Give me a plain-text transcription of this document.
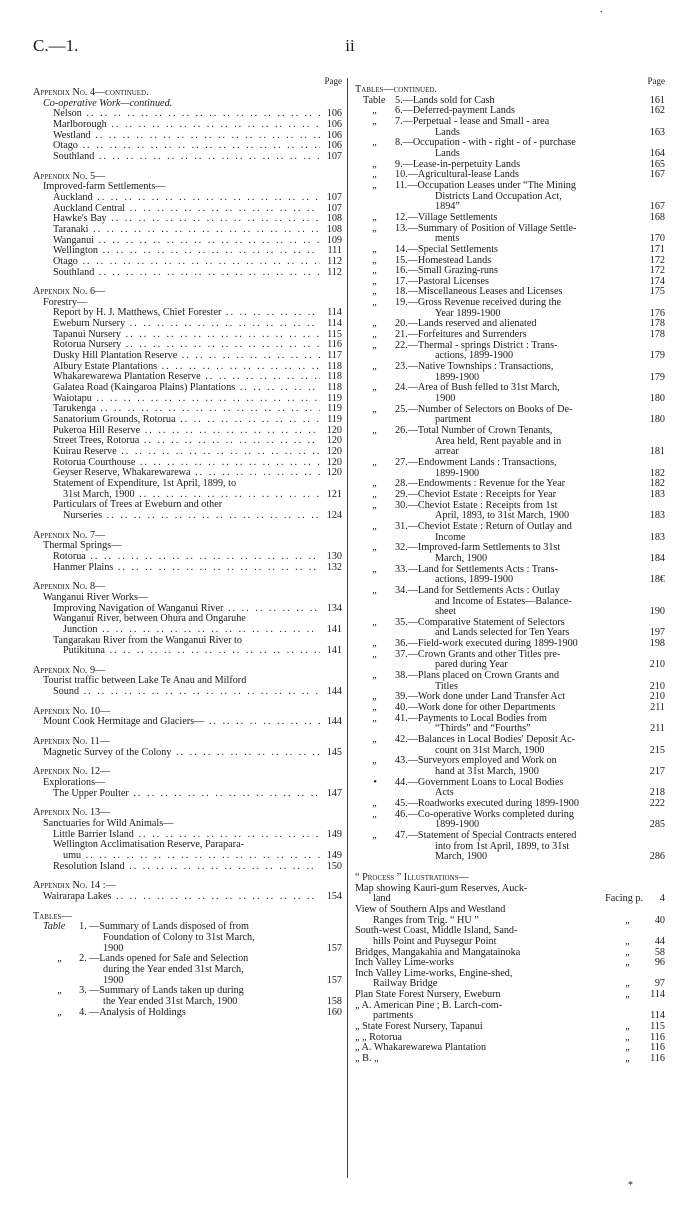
C.—1.	ii
Page
Appendix No. 4—continued.
Co-operative Work—continued.
Nelson .. ..	106
Marlborough .. ..	106
Westland .. ..	106
Otago .. ..	106
Southland .. ..	107
Appendix No. 5—
Improved-farm Settlements—
Auckland .. ..	107
Auckland Central .. ..	107
Hawke's Bay .. ..	108
Taranaki .. ..	108
Wanganui .. ..	109
Wellington .. ..	111
Otago .. ..	112
Southland .. ..	112
Appendix No. 6—
Forestry—
Report by H. J. Matthews, Chief Forester .. ..	114
Eweburn Nursery .. ..	114
Tapanui Nursery .. ..	115
Rotorua Nursery .. ..	116
Dusky Hill Plantation Reserve .. ..	117
Albury Estate Plantations .. ..	118
Whakarewarewa Plantation Reserve .. ..	118
Galatea Road (Kaingaroa Plains) Plantations .. ..	118
Waiotapu .. ..	119
Tarukenga .. ..	119
Sanatorium Grounds, Rotorua .. ..	119
Pukeroa Hill Reserve .. ..	120
Street Trees, Rotorua .. ..	120
Kuirau Reserve .. ..	120
Rotorua Courthouse .. ..	120
Geyser Reserve, Whakarewarewa .. ..	120
Statement of Expenditure, 1st April, 1899, to
31st March, 1900 .. ..	121
Particulars of Trees at Eweburn and other
Nurseries .. ..	124
Appendix No. 7—
Thermal Springs—
Rotorua .. ..	130
Hanmer Plains .. ..	132
Appendix No. 8—
Wanganui River Works—
Improving Navigation of Wanganui River .. ..	134
Wanganui River, between Ohura and Ongaruhe
Junction .. ..	141
Tangarakau River from the Wanganui River to
Putikituna .. ..	141
Appendix No. 9—
Tourist traffic between Lake Te Anau and Milford
Sound .. ..	144
Appendix No. 10—
Mount Cook Hermitage and Glaciers— .. ..	144
Appendix No. 11—
Magnetic Survey of the Colony .. ..	145
Appendix No. 12—
Explorations—
The Upper Poulter .. ..	147
Appendix No. 13—
Sanctuaries for Wild Animals—
Little Barrier Island .. ..	149
Wellington Acclimatisation Reserve, Parapara-
umu .. ..	149
Resolution Island .. ..	150
Appendix No. 14 :—
Wairarapa Lakes .. ..	154
Tables—
Table	1. —Summary of Lands disposed of from
Foundation of Colony to 31st March,
1900	157
„	2. —Lands opened for Sale and Selection
during the Year ended 31st March,
1900	157
„	3. —Summary of Lands taken up during
the Year ended 31st March, 1900	158
„	4. —Analysis of Holdings	160
Page
Tables—continued.
Table 5.—Lands sold for Cash	161
„	6.—Deferred-payment Lands	162
„	7.—Perpetual - lease and Small - area
Lands	163
„	8.—Occupation - with - right - of - purchase
Lands	164
„	9.—Lease-in-perpetuity Lands	165
„	10.—Agricultural-lease Lands	167
„	11.—Occupation Leases under “The Mining
Districts Land Occupation Act,
1894”	167
„	12.—Village Settlements	168
„	13.—Summary of Position of Village Settle-
ments	170
„	14.—Special Settlements	171
„	15.—Homestead Lands	172
„	16.—Small Grazing-runs	172
„	17.—Pastoral Licenses	174
„	18.—Miscellaneous Leases and Licenses	175
„	19.—Gross Revenue received during the
Year 1899-1900	176
„	20.—Lands reserved and alienated	178
„	21.—Forfeitures and Surrenders	178
„	22.—Thermal - springs District : Trans-
actions, 1899-1900	179
„	23.—Native Townships : Transactions,
1899-1900	179
„	24.—Area of Bush felled to 31st March,
1900	180
„	25.—Number of Selectors on Books of De-
partment	180
„	26.—Total Number of Crown Tenants,
Area held, Rent payable and in
arrear	181
„	27.—Endowment Lands : Transactions,
1899-1900	182
„	28.—Endowments : Revenue for the Year	182
„	29.—Cheviot Estate : Receipts for Year	183
„	30.—Cheviot Estate : Receipts from 1st
April, 1893, to 31st March, 1900	183
„	31.—Cheviot Estate : Return of Outlay and
Income	183
„	32.—Improved-farm Settlements to 31st
March, 1900	184
„	33.—Land for Settlements Acts : Trans-
actions, 1899-1900	18€
„	34.—Land for Settlements Acts : Outlay
and Income of Estates—Balance-
sheet	190
„	35.—Comparative Statement of Selectors
and Lands selected for Ten Years	197
„	36.—Field-work executed during 1899-1900	198
„	37.—Crown Grants and other Titles pre-
pared during Year	210
„	38.—Plans placed on Crown Grants and
Titles	210
„	39.—Work done under Land Transfer Act	210
„	40.—Work done for other Departments	211
„	41.—Payments to Local Bodies from
“Thirds” and “Fourths”	211
„	42.—Balances in Local Bodies' Deposit Ac-
count on 31st March, 1900	215
„	43.—Surveyors employed and Work on
hand at 31st March, 1900	217
•	44.—Government Loans to Local Bodies
Acts	218
„	45.—Roadworks executed during 1899-1900	222
„	46.—Co-operative Works completed during
1899-1900	285
„	47.—Statement of Special Contracts entered
into from 1st April, 1899, to 31st
March, 1900	286
“ Process ” Illustrations—
Map showing Kauri-gum Reserves, Auck-
land	Facing p.	4
View of Southern Alps and Westland
Ranges from Trig. “ HU ”	„	40
South-west Coast, Middle Island, Sand-
hills Point and Puysegur Point	„	44
Bridges, Mangakahia and Mangatainoka	„	58
Inch Valley Lime-works	„	96
Inch Valley Lime-works, Engine-shed,
Railway Bridge	„	97
Plan State Forest Nursery, Eweburn	„	114
„ A. American Pine ; B. Larch-com-
partments	114
„ State Forest Nursery, Tapanui	„	115
„ „ Rotorua	„	116
„ A. Whakarewarewa Plantation	„	116
„ B. „	„	116
⸱
*
